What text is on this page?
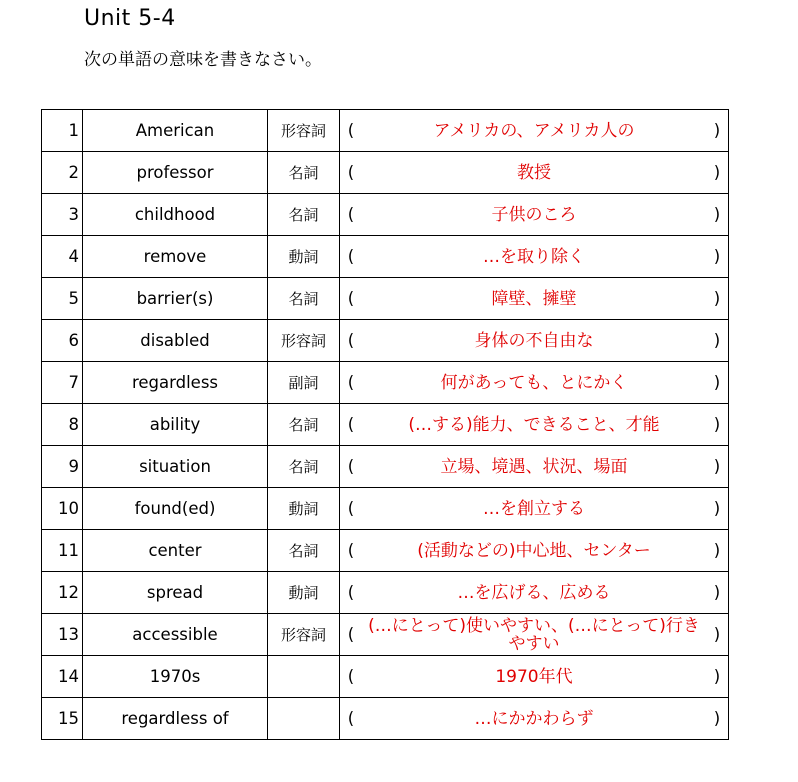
Unit 5-4
次の単語の意味を書きなさい。
1	American	形容詞	( アメリカの、アメリカ人の )

2	professor	名詞	( 教授 )

3	childhood	名詞	( 子供のころ )

4	remove	動詞	( …を取り除く )

5	barrier(s)	名詞	( 障壁、擁壁 )

6	disabled	形容詞	( 身体の不自由な )

7	regardless	副詞	( 何があっても、とにかく )

8	ability	名詞	( (…する)能力、できること、才能 )

9	situation	名詞	( 立場、境遇、状況、場面 )

10	found(ed)	動詞	( …を創立する )

11	center	名詞	( (活動などの)中心地、センター )

12	spread	動詞	( …を広げる、広める )

13	accessible	形容詞	( (…にとって)使いやすい、(…にとって)行きやすい )

14	1970s		( 1970年代 )

15	regardless of		( …にかかわらず )
